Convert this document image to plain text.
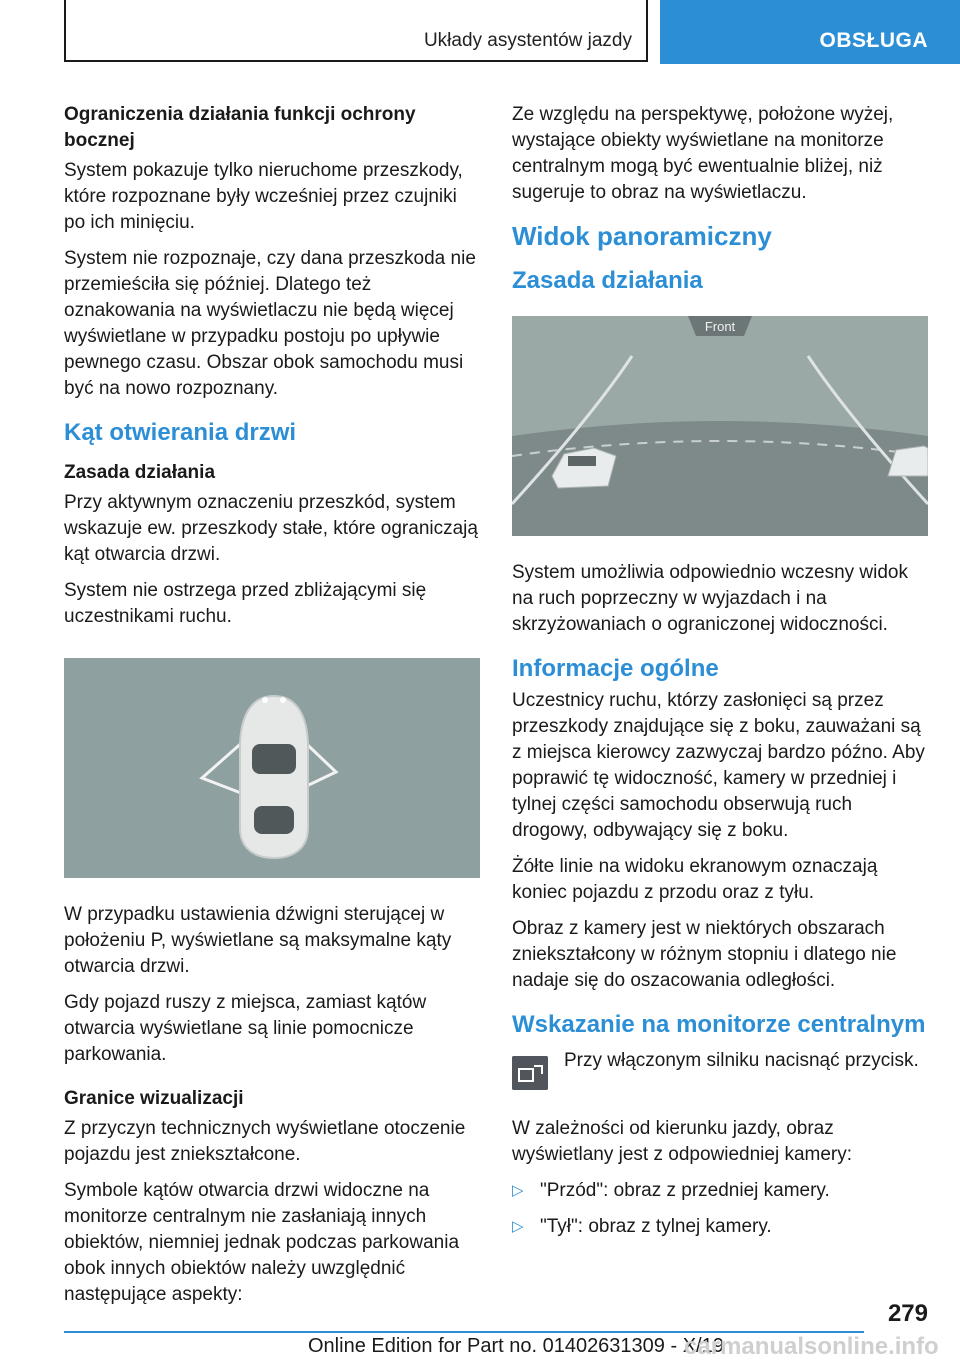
Układy asystentów jazdy	OBSŁUGA
Ograniczenia działania funkcji ochrony bocznej

System pokazuje tylko nieruchome przeszkody, które rozpoznane były wcześniej przez czujniki po ich minięciu.

System nie rozpoznaje, czy dana przeszkoda nie przemieściła się później. Dlatego też oznakowania na wyświetlaczu nie będą więcej wyświetlane w przypadku postoju po upływie pewnego czasu. Obszar obok samochodu musi być na nowo rozpoznany.

Kąt otwierania drzwi
Zasada działania

Przy aktywnym oznaczeniu przeszkód, system wskazuje ew. przeszkody stałe, które ograniczają kąt otwarcia drzwi.

System nie ostrzega przed zbliżającymi się uczestnikami ruchu.

W przypadku ustawienia dźwigni sterującej w położeniu P, wyświetlane są maksymalne kąty otwarcia drzwi.

Gdy pojazd ruszy z miejsca, zamiast kątów otwarcia wyświetlane są linie pomocnicze parkowania.

Granice wizualizacji

Z przyczyn technicznych wyświetlane otoczenie pojazdu jest zniekształcone.

Symbole kątów otwarcia drzwi widoczne na monitorze centralnym nie zasłaniają innych obiektów, niemniej jednak podczas parkowania obok innych obiektów należy uwzględnić następujące aspekty:

Ze względu na perspektywę, położone wyżej, wystające obiekty wyświetlane na monitorze centralnym mogą być ewentualnie bliżej, niż sugeruje to obraz na wyświetlaczu.

Widok panoramiczny
Zasada działania
Front

System umożliwia odpowiednio wczesny widok na ruch poprzeczny w wyjazdach i na skrzyżowaniach o ograniczonej widoczności.

Informacje ogólne

Uczestnicy ruchu, którzy zasłonięci są przez przeszkody znajdujące się z boku, zauważani są z miejsca kierowcy zazwyczaj bardzo późno. Aby poprawić tę widoczność, kamery w przedniej i tylnej części samochodu obserwują ruch drogowy, odbywający się z boku.

Żółte linie na widoku ekranowym oznaczają koniec pojazdu z przodu oraz z tyłu.

Obraz z kamery jest w niektórych obszarach zniekształcony w różnym stopniu i dlatego nie nadaje się do oszacowania odległości.

Wskazanie na monitorze centralnym
Przy włączonym silniku nacisnąć przycisk.

W zależności od kierunku jazdy, obraz wyświetlany jest z odpowiedniej kamery:

▷ "Przód": obraz z przedniej kamery.
▷ "Tył": obraz z tylnej kamery.
279
Online Edition for Part no. 01402631309 - X/19
carmanualsonline.info
